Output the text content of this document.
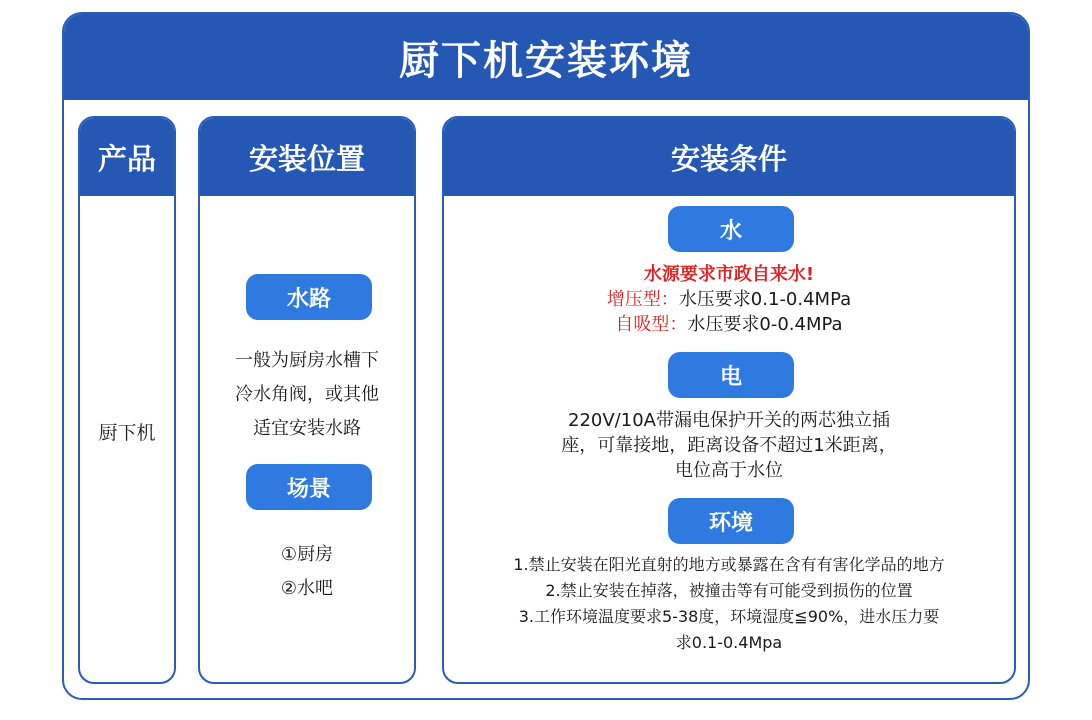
厨下机安装环境
产品
厨下机
安装位置
水路
一般为厨房水槽下
冷水角阀，或其他
适宜安装水路
场景
①厨房
②水吧
安装条件
水
水源要求市政自来水!
增压型：水压要求0.1-0.4MPa
自吸型：水压要求0-0.4MPa
电
220V/10A带漏电保护开关的两芯独立插
座，可靠接地，距离设备不超过1米距离，
电位高于水位
环境
1.禁止安装在阳光直射的地方或暴露在含有有害化学品的地方
2.禁止安装在掉落，被撞击等有可能受到损伤的位置
3.工作环境温度要求5-38度，环境湿度≦90%，进水压力要
求0.1-0.4Mpa
